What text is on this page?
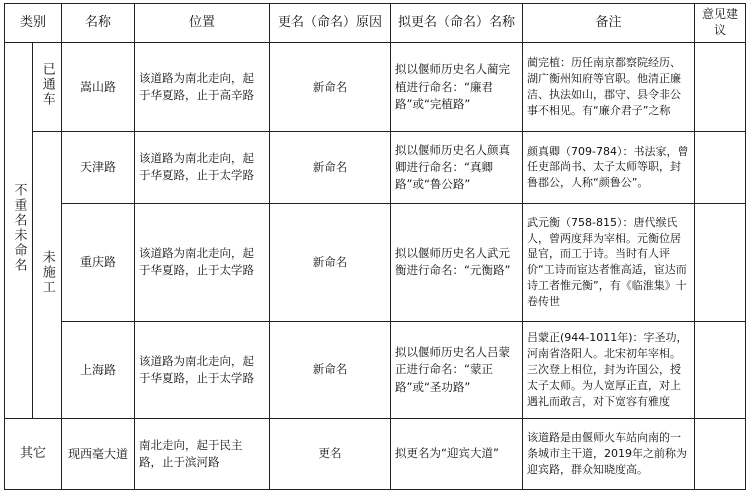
类别		名称	位置	更名（命名）原因	拟更名（命名）名称	备注	意见建议
不重名未命名	已通车	嵩山路	该道路为南北走向，起于华夏路，止于高辛路	新命名	拟以偃师历史名人蔺完植进行命名：“廉君路”或“完植路”	蔺完植：历任南京都察院经历、湖广衡州知府等官职。他清正廉洁、执法如山，郡守、县令非公事不相见。有“廉介君子”之称	
	未施工	天津路	该道路为南北走向，起于华夏路，止于太学路	新命名	拟以偃师历史名人颜真卿进行命名：“真卿路”或“鲁公路”	颜真卿（709-784）：书法家，曾任吏部尚书、太子太师等职，封鲁郡公，人称“颜鲁公”。	
		重庆路	该道路为南北走向，起于华夏路，止于太学路	新命名	拟以偃师历史名人武元衡进行命名：“元衡路”	武元衡（758-815）：唐代缑氏人，曾两度拜为宰相。元衡位居显官，而工于诗。当时有人评价“工诗而宦达者惟高适，宦达而诗工者惟元衡”，有《临淮集》十卷传世	
		上海路	该道路为南北走向，起于华夏路，止于太学路	新命名	拟以偃师历史名人吕蒙正进行命名：“蒙正路”或“圣功路”	吕蒙正(944-1011年)：字圣功，河南省洛阳人。北宋初年宰相。三次登上相位，封为许国公，授太子太师。为人宽厚正直，对上遇礼而敢言，对下宽容有雅度	
其它		现西毫大道	南北走向，起于民主路，止于滨河路	更名	拟更名为“迎宾大道”	该道路是由偃师火车站向南的一条城市主干道，2019年之前称为迎宾路，群众知晓度高。	
